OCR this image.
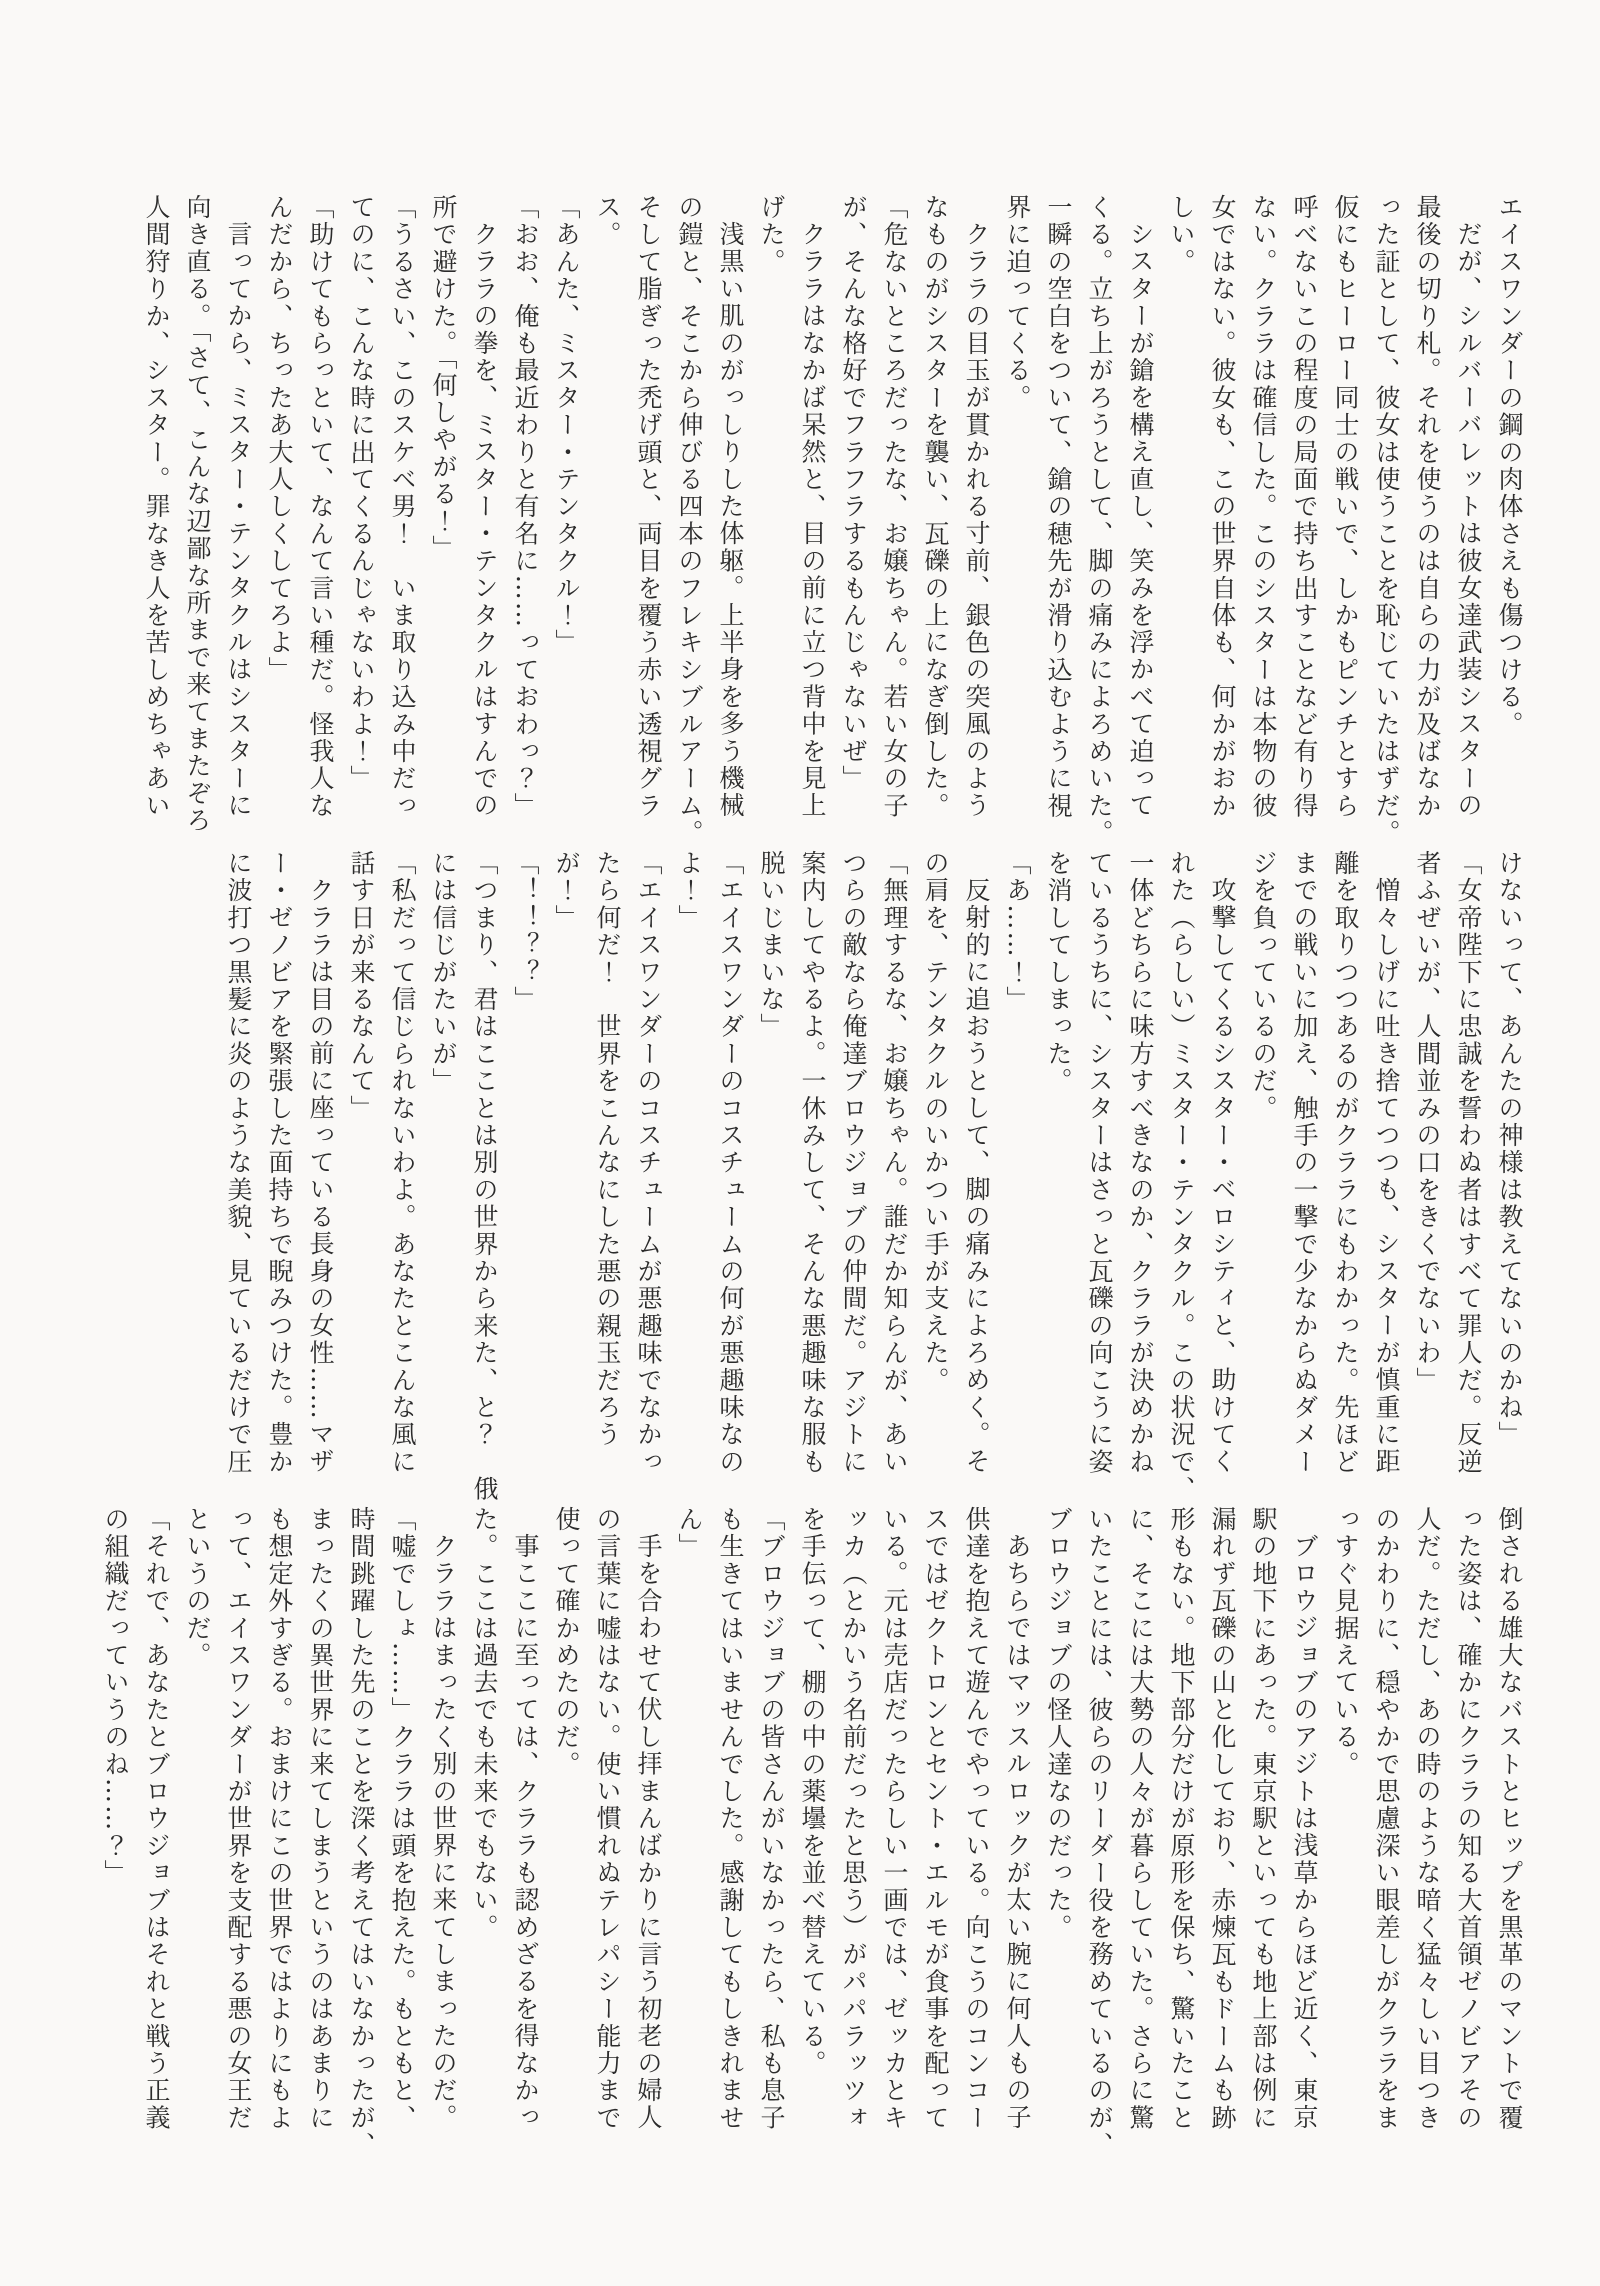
エイスワンダーの鋼の肉体さえも傷つける。
だが、シルバーバレットは彼女達武装シスターの
最後の切り札。それを使うのは自らの力が及ばなか
った証として、彼女は使うことを恥じていたはずだ。
仮にもヒーロー同士の戦いで、しかもピンチとすら
呼べないこの程度の局面で持ち出すことなど有り得
ない。クララは確信した。このシスターは本物の彼
女ではない。彼女も、この世界自体も、何かがおか
しい。
シスターが鎗を構え直し、笑みを浮かべて迫って
くる。立ち上がろうとして、脚の痛みによろめいた。
一瞬の空白をついて、鎗の穂先が滑り込むように視
界に迫ってくる。
クララの目玉が貫かれる寸前、銀色の突風のよう
なものがシスターを襲い、瓦礫の上になぎ倒した。
「危ないところだったな、お嬢ちゃん。若い女の子
が、そんな格好でフラフラするもんじゃないぜ」
クララはなかば呆然と、目の前に立つ背中を見上
げた。
浅黒い肌のがっしりした体躯。上半身を多う機械
の鎧と、そこから伸びる四本のフレキシブルアーム。
そして脂ぎった禿げ頭と、両目を覆う赤い透視グラ
ス。
「あんた、ミスター・テンタクル！」
「おお、俺も最近わりと有名に……っておわっ？」
クララの拳を、ミスター・テンタクルはすんでの
所で避けた。「何しやがる！」
「うるさい、このスケベ男！　いま取り込み中だっ
てのに、こんな時に出てくるんじゃないわよ！」
「助けてもらっといて、なんて言い種だ。怪我人な
んだから、ちったあ大人しくしてろよ」
言ってから、ミスター・テンタクルはシスターに
向き直る。「さて、こんな辺鄙な所まで来てまたぞろ
人間狩りか、シスター。罪なき人を苦しめちゃあい
けないって、あんたの神様は教えてないのかね」
「女帝陛下に忠誠を誓わぬ者はすべて罪人だ。反逆
者ふぜいが、人間並みの口をきくでないわ」
憎々しげに吐き捨てつつも、シスターが慎重に距
離を取りつつあるのがクララにもわかった。先ほど
までの戦いに加え、触手の一撃で少なからぬダメー
ジを負っているのだ。
攻撃してくるシスター・ベロシティと、助けてく
れた（らしい）ミスター・テンタクル。この状況で、
一体どちらに味方すべきなのか、クララが決めかね
ているうちに、シスターはさっと瓦礫の向こうに姿
を消してしまった。
「あ……！」
反射的に追おうとして、脚の痛みによろめく。そ
の肩を、テンタクルのいかつい手が支えた。
「無理するな、お嬢ちゃん。誰だか知らんが、あい
つらの敵なら俺達ブロウジョブの仲間だ。アジトに
案内してやるよ。一休みして、そんな悪趣味な服も
脱いじまいな」
「エイスワンダーのコスチュームの何が悪趣味なの
よ！」
「エイスワンダーのコスチュームが悪趣味でなかっ
たら何だ！　世界をこんなにした悪の親玉だろう
が！」
「！！？？」
「つまり、君はこことは別の世界から来た、と？　俄
には信じがたいが」
「私だって信じられないわよ。あなたとこんな風に
話す日が来るなんて」
クララは目の前に座っている長身の女性……マザ
ー・ゼノビアを緊張した面持ちで睨みつけた。豊か
に波打つ黒髪に炎のような美貌、見ているだけで圧
倒される雄大なバストとヒップを黒革のマントで覆
った姿は、確かにクララの知る大首領ゼノビアその
人だ。ただし、あの時のような暗く猛々しい目つき
のかわりに、穏やかで思慮深い眼差しがクララをま
っすぐ見据えている。
ブロウジョブのアジトは浅草からほど近く、東京
駅の地下にあった。東京駅といっても地上部は例に
漏れず瓦礫の山と化しており、赤煉瓦もドームも跡
形もない。地下部分だけが原形を保ち、驚いたこと
に、そこには大勢の人々が暮らしていた。さらに驚
いたことには、彼らのリーダー役を務めているのが、
ブロウジョブの怪人達なのだった。
あちらではマッスルロックが太い腕に何人もの子
供達を抱えて遊んでやっている。向こうのコンコー
スではゼクトロンとセント・エルモが食事を配って
いる。元は売店だったらしい一画では、ゼッカとキ
ッカ（とかいう名前だったと思う）がパパラッツォ
を手伝って、棚の中の薬壜を並べ替えている。
「ブロウジョブの皆さんがいなかったら、私も息子
も生きてはいませんでした。感謝してもしきれませ
ん」
手を合わせて伏し拝まんばかりに言う初老の婦人
の言葉に嘘はない。使い慣れぬテレパシー能力まで
使って確かめたのだ。
事ここに至っては、クララも認めざるを得なかっ
た。ここは過去でも未来でもない。
クララはまったく別の世界に来てしまったのだ。
「嘘でしょ……」クララは頭を抱えた。もともと、
時間跳躍した先のことを深く考えてはいなかったが、
まったくの異世界に来てしまうというのはあまりに
も想定外すぎる。おまけにこの世界ではよりにもよ
って、エイスワンダーが世界を支配する悪の女王だ
というのだ。
「それで、あなたとブロウジョブはそれと戦う正義
の組織だっていうのね……？」
